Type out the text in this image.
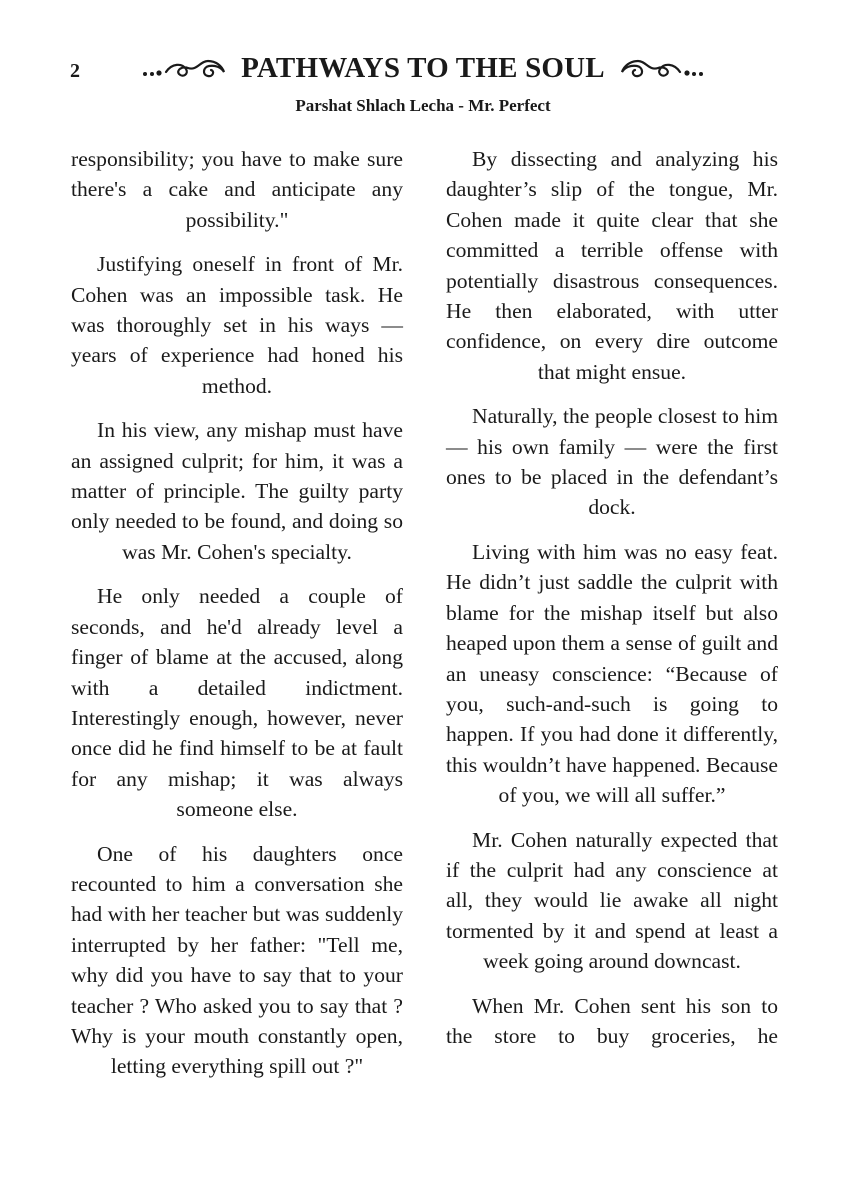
2	PATHWAYS TO THE SOUL
Parshat Shlach Lecha - Mr. Perfect

responsibility; you have to make sure there's a cake and anticipate any possibility."

Justifying oneself in front of Mr. Cohen was an impossible task. He was thoroughly set in his ways — years of experience had honed his method.

In his view, any mishap must have an assigned culprit; for him, it was a matter of principle. The guilty party only needed to be found, and doing so was Mr. Cohen's specialty.

He only needed a couple of seconds, and he'd already level a finger of blame at the accused, along with a detailed indictment. Interestingly enough, however, never once did he find himself to be at fault for any mishap; it was always someone else.

One of his daughters once recounted to him a conversation she had with her teacher but was suddenly interrupted by her father: "Tell me, why did you have to say that to your teacher ? Who asked you to say that ? Why is your mouth constantly open, letting everything spill out ?"

By dissecting and analyzing his daughter’s slip of the tongue, Mr. Cohen made it quite clear that she committed a terrible offense with potentially disastrous consequences. He then elaborated, with utter confidence, on every dire outcome that might ensue.

Naturally, the people closest to him — his own family — were the first ones to be placed in the defendant’s dock.

Living with him was no easy feat. He didn’t just saddle the culprit with blame for the mishap itself but also heaped upon them a sense of guilt and an uneasy conscience: “Because of you, such-and-such is going to happen. If you had done it differently, this wouldn’t have happened. Because of you, we will all suffer.”

Mr. Cohen naturally expected that if the culprit had any conscience at all, they would lie awake all night tormented by it and spend at least a week going around downcast.

When Mr. Cohen sent his son to the store to buy groceries, he
